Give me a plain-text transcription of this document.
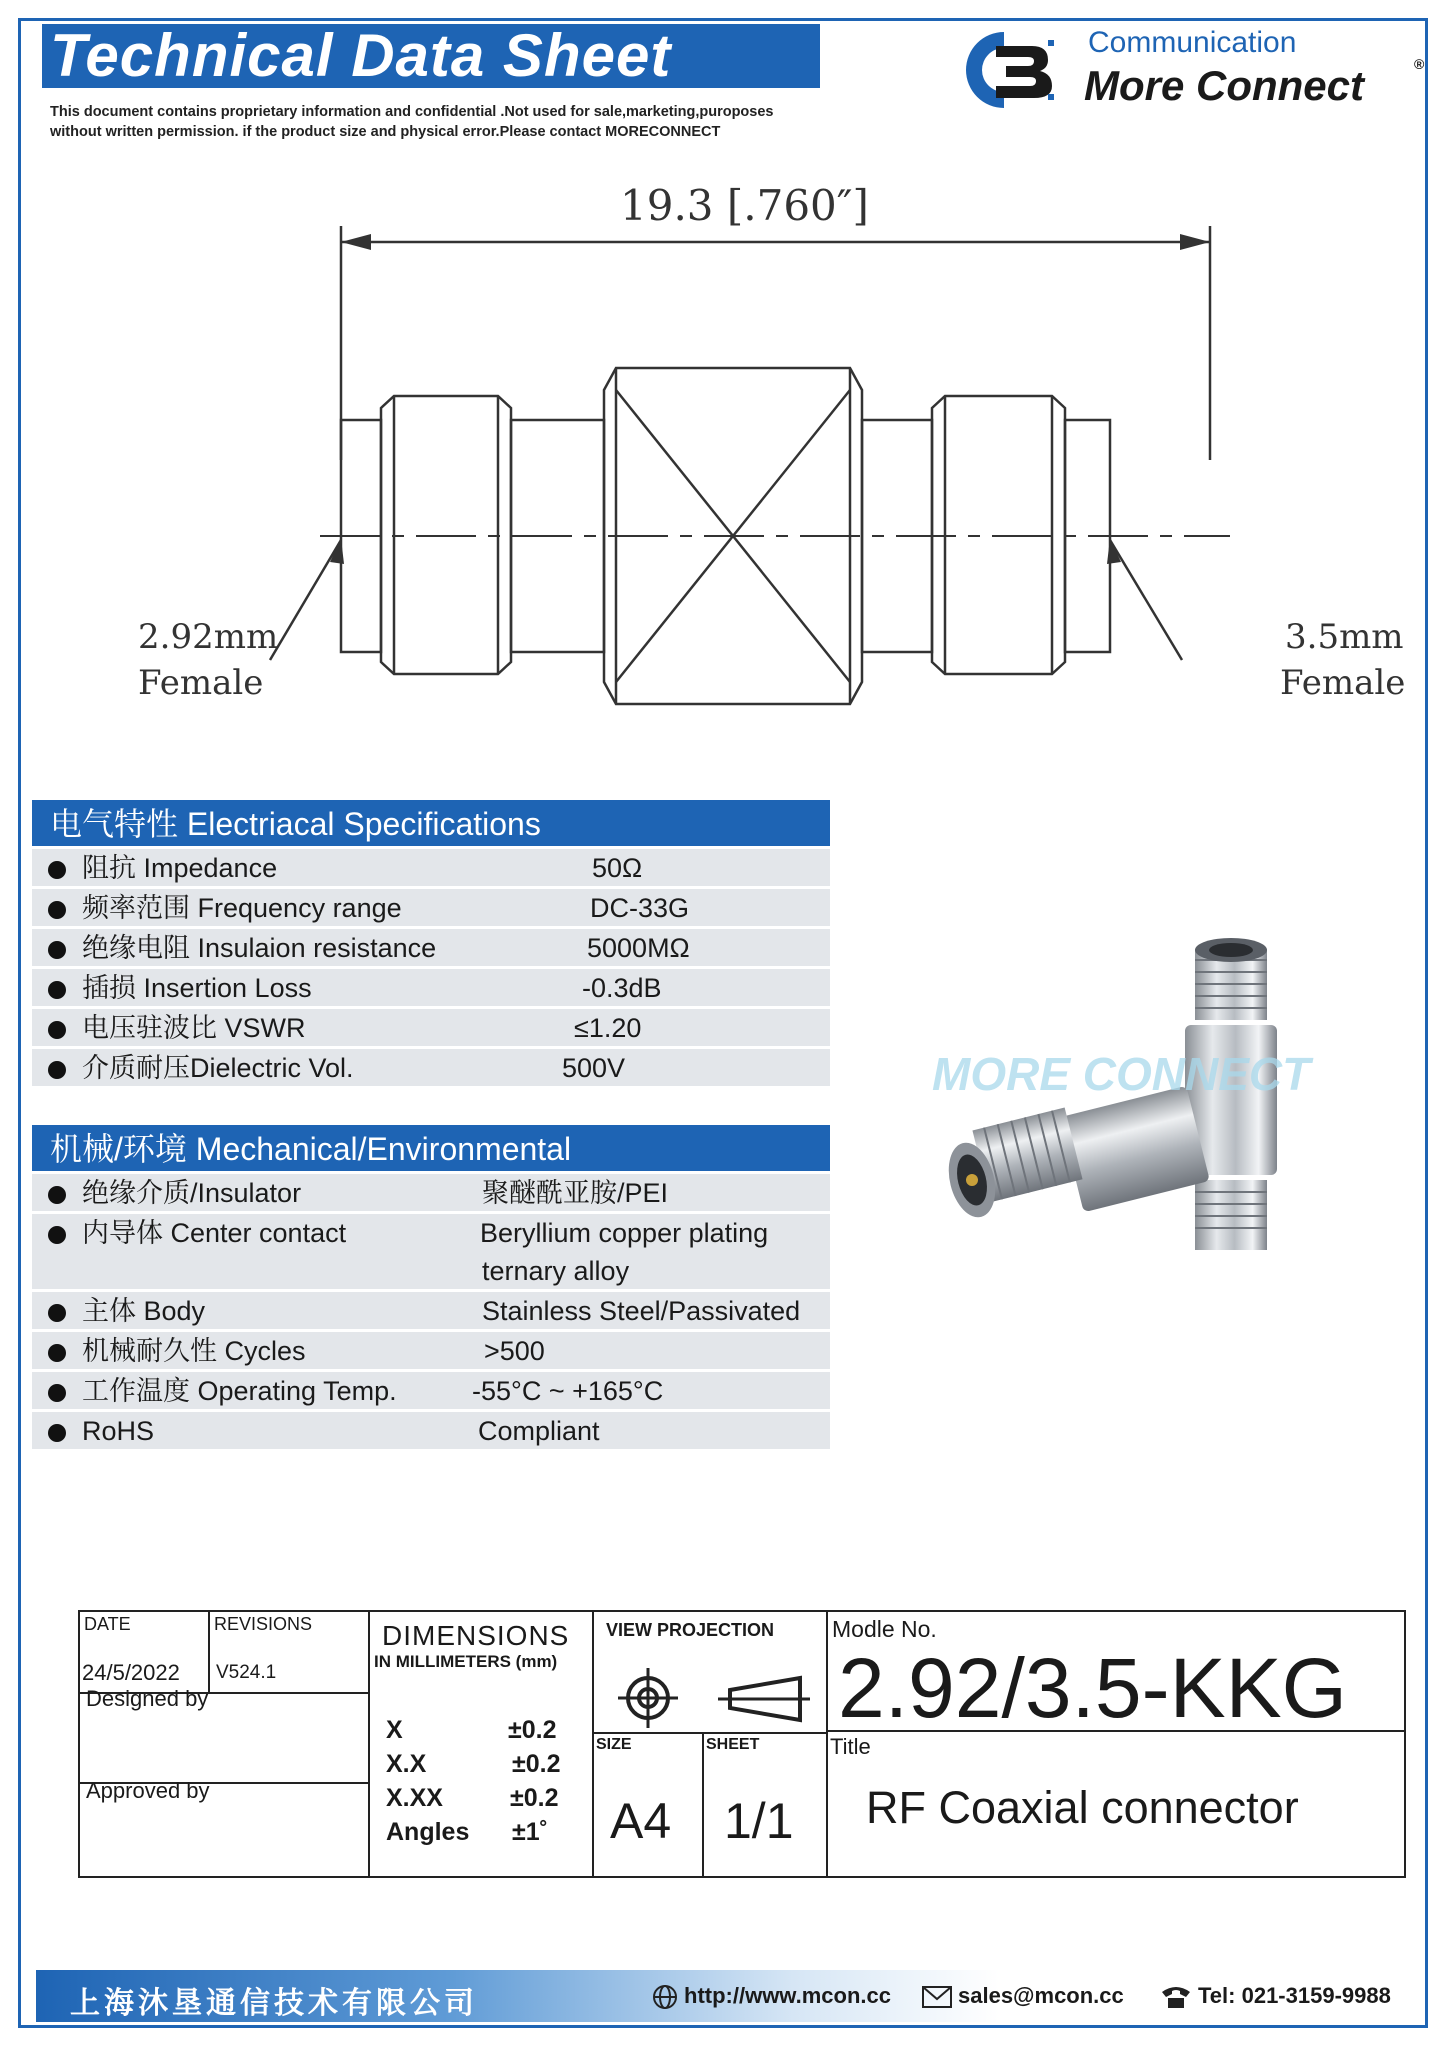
Technical Data Sheet
This document contains proprietary information and confidential .Not used for sale,marketing,puroposes
without written permission. if the product size and physical error.Please contact MORECONNECT
Communication
More Connect	®
19.3 [.760″]
2.92mm
Female
3.5mm
Female
电气特性 Electriacal Specifications
阻抗 Impedance	50Ω
频率范围 Frequency range	DC-33G
绝缘电阻 Insulaion resistance	5000MΩ
插损 Insertion Loss	-0.3dB
电压驻波比 VSWR	≤1.20
介质耐压Dielectric Vol.	500V
机械/环境 Mechanical/Environmental
绝缘介质/Insulator	聚醚酰亚胺/PEI
内导体 Center contact	Beryllium copper plating
ternary alloy
主体 Body	Stainless Steel/Passivated
机械耐久性 Cycles	>500
工作温度 Operating Temp.	-55°C ~ +165°C
RoHS	Compliant
MORE CONNECT
DATE	REVISIONS
24/5/2022 V524.1
Designed by
Approved by
DIMENSIONS
IN MILLIMETERS (mm)
X	±0.2
X.X	±0.2
X.XX	±0.2
Angles ±1˚
VIEW PROJECTION
SIZE	SHEET
A4 1/1
Modle No.
2.92/3.5-KKG
Title
RF Coaxial connector
上海沐垦通信技术有限公司	http://www.mcon.cc	sales@mcon.cc	Tel: 021-3159-9988
